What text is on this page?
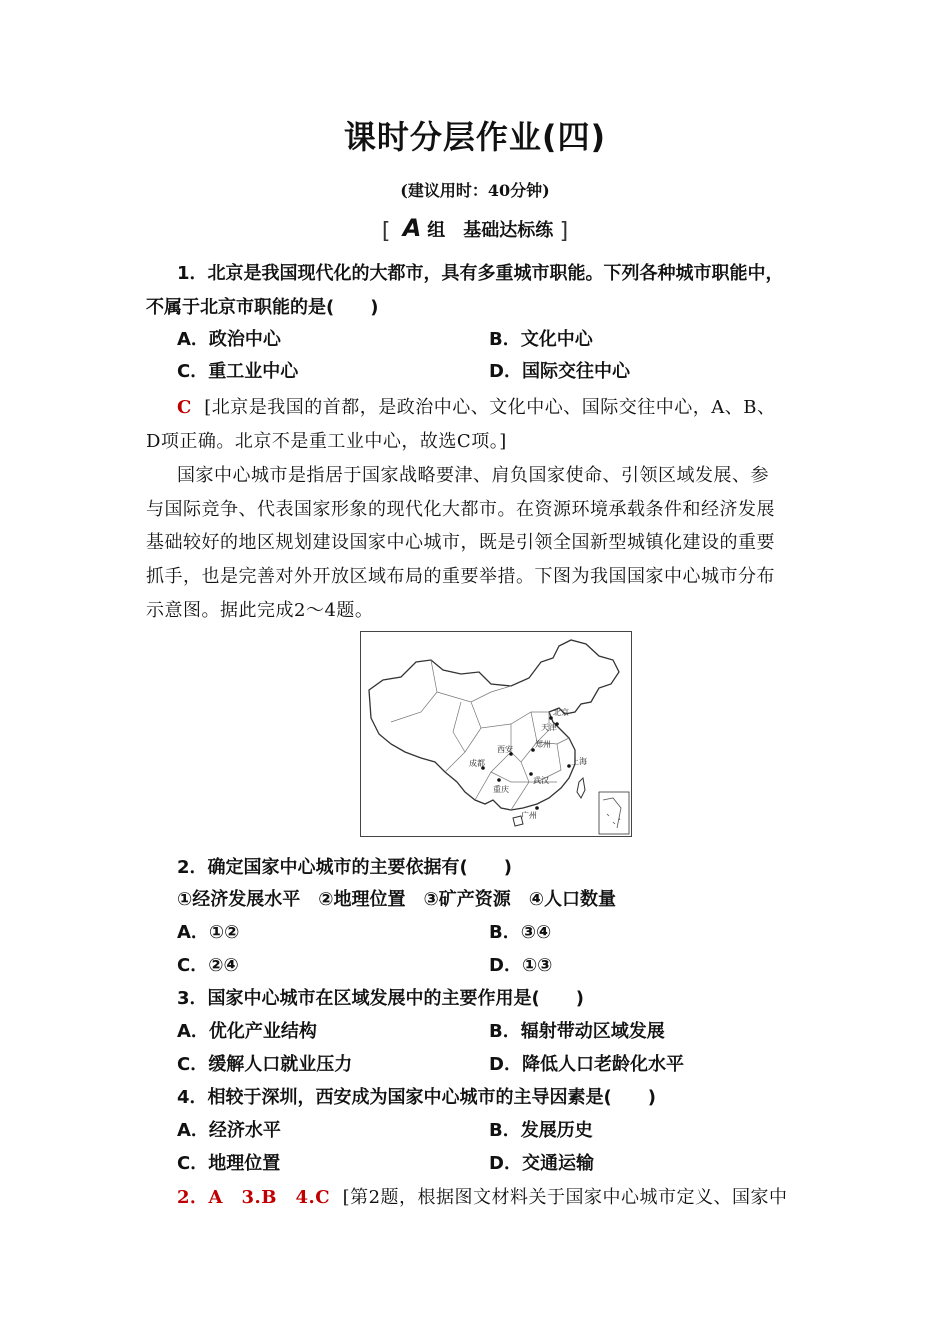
课时分层作业(四)
(建议用时：40分钟)
[ A 组　基础达标练 ]
1．北京是我国现代化的大都市，具有多重城市职能。下列各种城市职能中，
不属于北京市职能的是(　　)
A．政治中心	B．文化中心
C．重工业中心	D．国际交往中心
C [北京是我国的首都，是政治中心、文化中心、国际交往中心，A、B、
D项正确。北京不是重工业中心，故选C项。]
国家中心城市是指居于国家战略要津、肩负国家使命、引领区域发展、参
与国际竞争、代表国家形象的现代化大都市。在资源环境承载条件和经济发展
基础较好的地区规划建设国家中心城市，既是引领全国新型城镇化建设的重要
抓手，也是完善对外开放区域布局的重要举措。下图为我国国家中心城市分布
示意图。据此完成2～4题。
北京
天津
西安
郑州
成都
重庆
武汉
上海
广州
2．确定国家中心城市的主要依据有(　　)
①经济发展水平　②地理位置　③矿产资源　④人口数量
A．①②	B．③④
C．②④	D．①③
3．国家中心城市在区域发展中的主要作用是(　　)
A．优化产业结构	B．辐射带动区域发展
C．缓解人口就业压力	D．降低人口老龄化水平
4．相较于深圳，西安成为国家中心城市的主导因素是(　　)
A．经济水平	B．发展历史
C．地理位置	D．交通运输
2．A　3.B　4.C [第2题，根据图文材料关于国家中心城市定义、国家中
